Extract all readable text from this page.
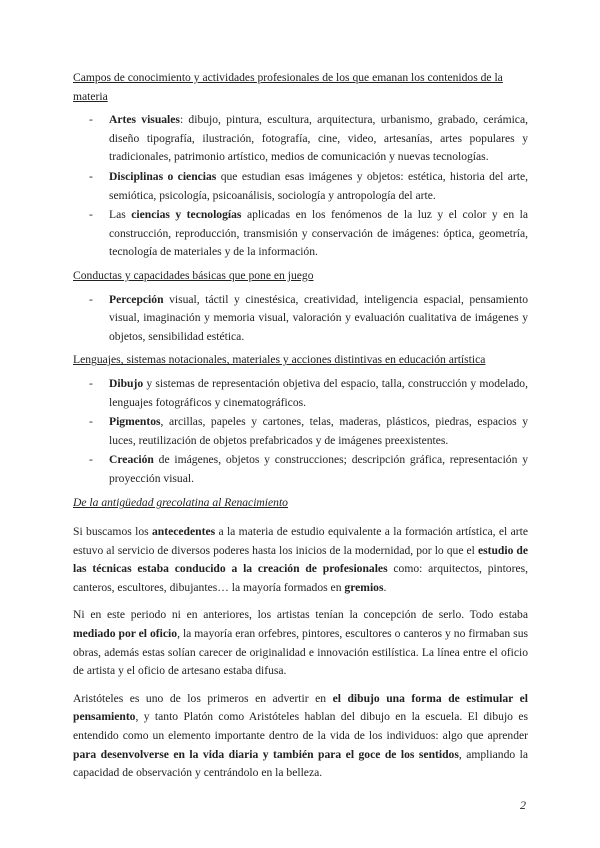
Campos de conocimiento y actividades profesionales de los que emanan los contenidos de la materia
- Artes visuales: dibujo, pintura, escultura, arquitectura, urbanismo, grabado, cerámica, diseño tipografía, ilustración, fotografía, cine, video, artesanías, artes populares y tradicionales, patrimonio artístico, medios de comunicación y nuevas tecnologías.
- Disciplinas o ciencias que estudian esas imágenes y objetos: estética, historia del arte, semiótica, psicología, psicoanálisis, sociología y antropología del arte.
- Las ciencias y tecnologías aplicadas en los fenómenos de la luz y el color y en la construcción, reproducción, transmisión y conservación de imágenes: óptica, geometría, tecnología de materiales y de la información.
Conductas y capacidades básicas que pone en juego
- Percepción visual, táctil y cinestésica, creatividad, inteligencia espacial, pensamiento visual, imaginación y memoria visual, valoración y evaluación cualitativa de imágenes y objetos, sensibilidad estética.
Lenguajes, sistemas notacionales, materiales y acciones distintivas en educación artística
- Dibujo y sistemas de representación objetiva del espacio, talla, construcción y modelado, lenguajes fotográficos y cinematográficos.
- Pigmentos, arcillas, papeles y cartones, telas, maderas, plásticos, piedras, espacios y luces, reutilización de objetos prefabricados y de imágenes preexistentes.
- Creación de imágenes, objetos y construcciones; descripción gráfica, representación y proyección visual.
De la antigüedad grecolatina al Renacimiento

Si buscamos los antecedentes a la materia de estudio equivalente a la formación artística, el arte estuvo al servicio de diversos poderes hasta los inicios de la modernidad, por lo que el estudio de las técnicas estaba conducido a la creación de profesionales como: arquitectos, pintores, canteros, escultores, dibujantes… la mayoría formados en gremios.

Ni en este periodo ni en anteriores, los artistas tenían la concepción de serlo. Todo estaba mediado por el oficio, la mayoría eran orfebres, pintores, escultores o canteros y no firmaban sus obras, además estas solían carecer de originalidad e innovación estilística. La línea entre el oficio de artista y el oficio de artesano estaba difusa.

Aristóteles es uno de los primeros en advertir en el dibujo una forma de estimular el pensamiento, y tanto Platón como Aristóteles hablan del dibujo en la escuela. El dibujo es entendido como un elemento importante dentro de la vida de los individuos: algo que aprender para desenvolverse en la vida diaria y también para el goce de los sentidos, ampliando la capacidad de observación y centrándolo en la belleza.

2
